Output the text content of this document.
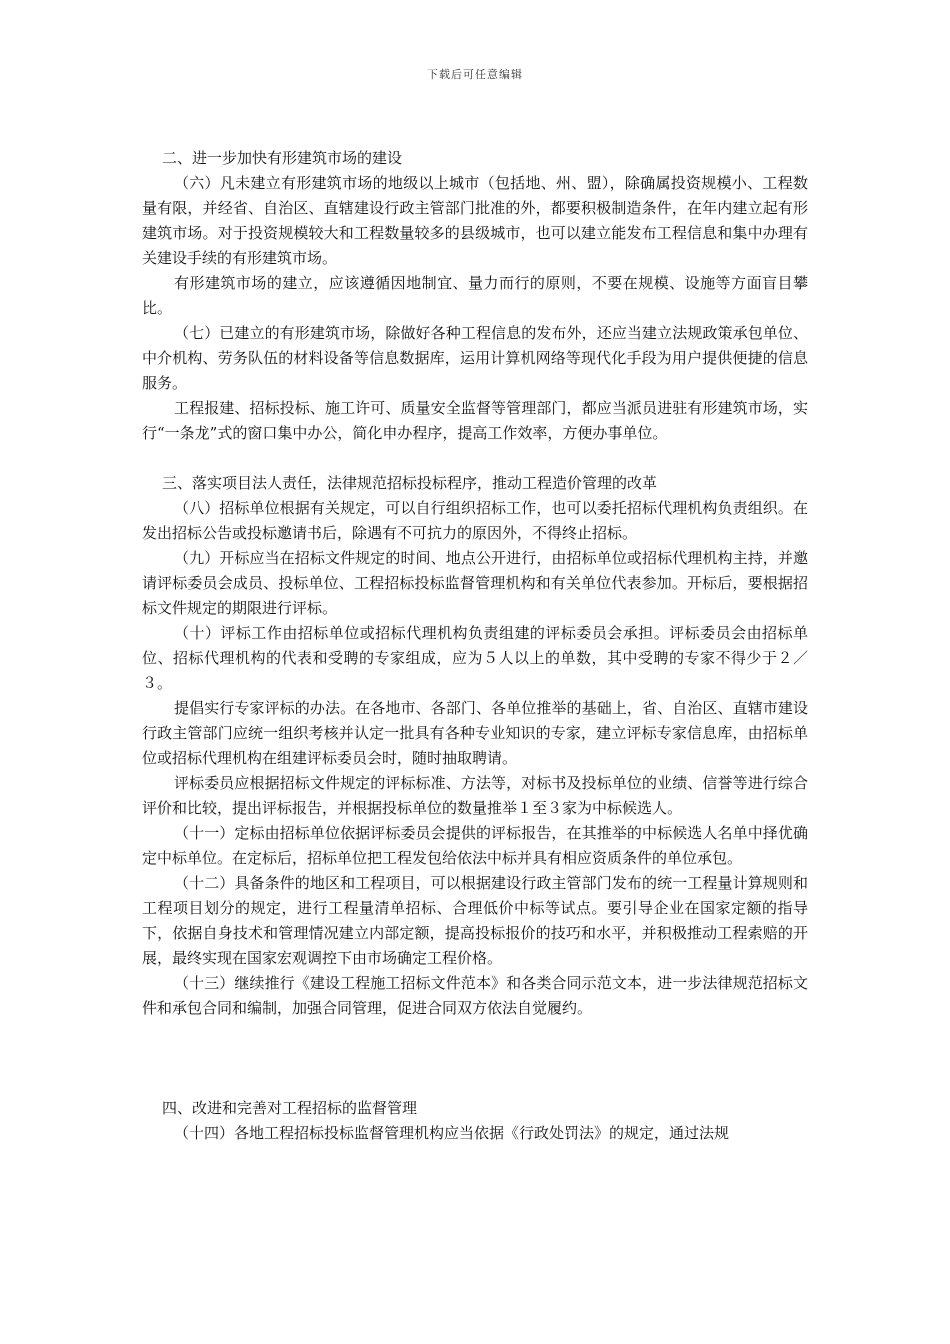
下载后可任意编辑

二、进一步加快有形建筑市场的建设

（六）凡未建立有形建筑市场的地级以上城市（包括地、州、盟），除确属投资规模小、工程数量有限，并经省、自治区、直辖建设行政主管部门批准的外，都要积极制造条件，在年内建立起有形建筑市场。对于投资规模较大和工程数量较多的县级城市，也可以建立能发布工程信息和集中办理有关建设手续的有形建筑市场。

有形建筑市场的建立，应该遵循因地制宜、量力而行的原则，不要在规模、设施等方面盲目攀比。

（七）已建立的有形建筑市场，除做好各种工程信息的发布外，还应当建立法规政策承包单位、中介机构、劳务队伍的材料设备等信息数据库，运用计算机网络等现代化手段为用户提供便捷的信息服务。

工程报建、招标投标、施工许可、质量安全监督等管理部门，都应当派员进驻有形建筑市场，实行“一条龙”式的窗口集中办公，简化申办程序，提高工作效率，方便办事单位。

三、落实项目法人责任，法律规范招标投标程序，推动工程造价管理的改革

（八）招标单位根据有关规定，可以自行组织招标工作，也可以委托招标代理机构负责组织。在发出招标公告或投标邀请书后，除遇有不可抗力的原因外，不得终止招标。

（九）开标应当在招标文件规定的时间、地点公开进行，由招标单位或招标代理机构主持，并邀请评标委员会成员、投标单位、工程招标投标监督管理机构和有关单位代表参加。开标后，要根据招标文件规定的期限进行评标。

（十）评标工作由招标单位或招标代理机构负责组建的评标委员会承担。评标委员会由招标单位、招标代理机构的代表和受聘的专家组成，应为５人以上的单数，其中受聘的专家不得少于２／３。

提倡实行专家评标的办法。在各地市、各部门、各单位推举的基础上，省、自治区、直辖市建设行政主管部门应统一组织考核并认定一批具有各种专业知识的专家，建立评标专家信息库，由招标单位或招标代理机构在组建评标委员会时，随时抽取聘请。

评标委员应根据招标文件规定的评标标准、方法等，对标书及投标单位的业绩、信誉等进行综合评价和比较，提出评标报告，并根据投标单位的数量推举１至３家为中标候选人。

（十一）定标由招标单位依据评标委员会提供的评标报告，在其推举的中标候选人名单中择优确定中标单位。在定标后，招标单位把工程发包给依法中标并具有相应资质条件的单位承包。

（十二）具备条件的地区和工程项目，可以根据建设行政主管部门发布的统一工程量计算规则和工程项目划分的规定，进行工程量清单招标、合理低价中标等试点。要引导企业在国家定额的指导下，依据自身技术和管理情况建立内部定额，提高投标报价的技巧和水平，并积极推动工程索赔的开展，最终实现在国家宏观调控下由市场确定工程价格。

（十三）继续推行《建设工程施工招标文件范本》和各类合同示范文本，进一步法律规范招标文件和承包合同和编制，加强合同管理，促进合同双方依法自觉履约。

四、改进和完善对工程招标的监督管理

（十四）各地工程招标投标监督管理机构应当依据《行政处罚法》的规定，通过法规
